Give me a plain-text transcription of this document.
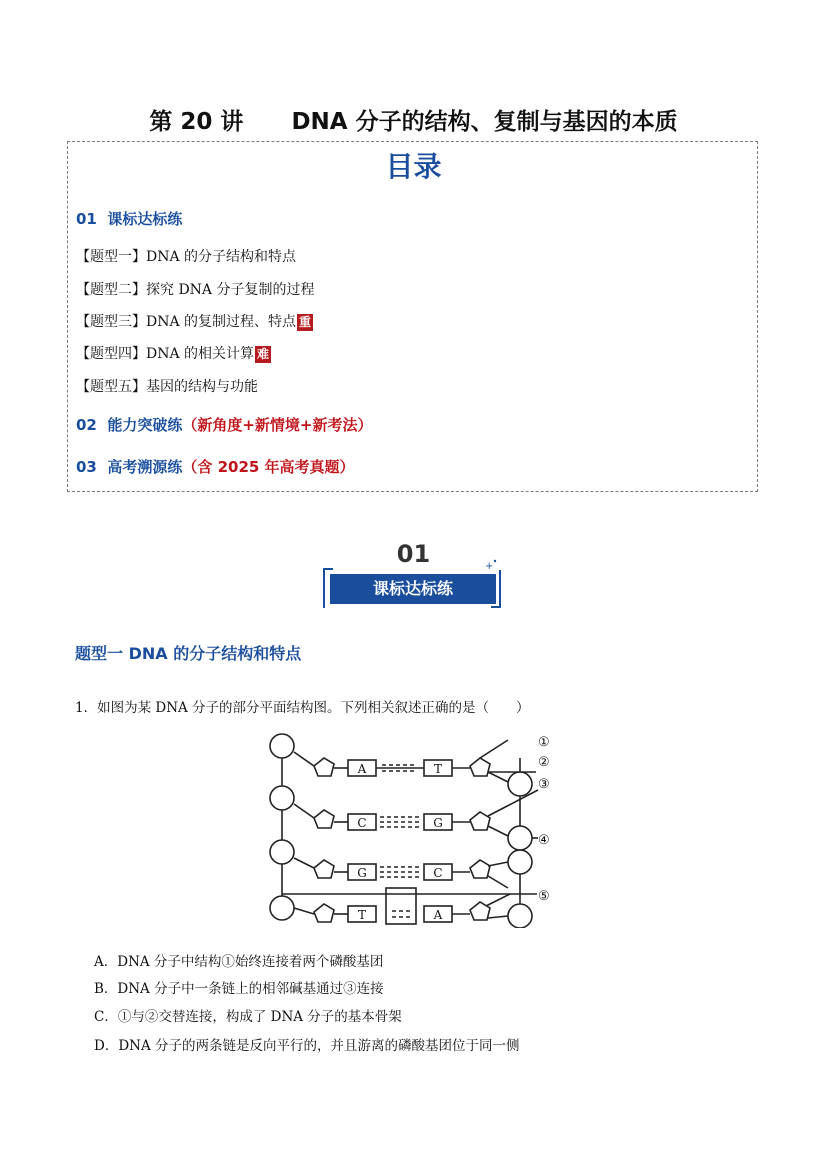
第 20 讲      DNA 分子的结构、复制与基因的本质
目录
01 课标达标练
【题型一】DNA 的分子结构和特点
【题型二】探究 DNA 分子复制的过程
【题型三】DNA 的复制过程、特点 重
【题型四】DNA 的相关计算 难
【题型五】基因的结构与功能
02 能力突破练（新角度+新情境+新考法）
03 高考溯源练（含 2025 年高考真题）
01
课标达标练
+
题型一 DNA 的分子结构和特点
1．如图为某 DNA 分子的部分平面结构图。下列相关叙述正确的是（　　）
A	T
C	G
G	C
T	A
①
②
③
④
⑤
A．DNA 分子中结构①始终连接着两个磷酸基团
B．DNA 分子中一条链上的相邻碱基通过③连接
C．①与②交替连接，构成了 DNA 分子的基本骨架
D．DNA 分子的两条链是反向平行的，并且游离的磷酸基团位于同一侧
